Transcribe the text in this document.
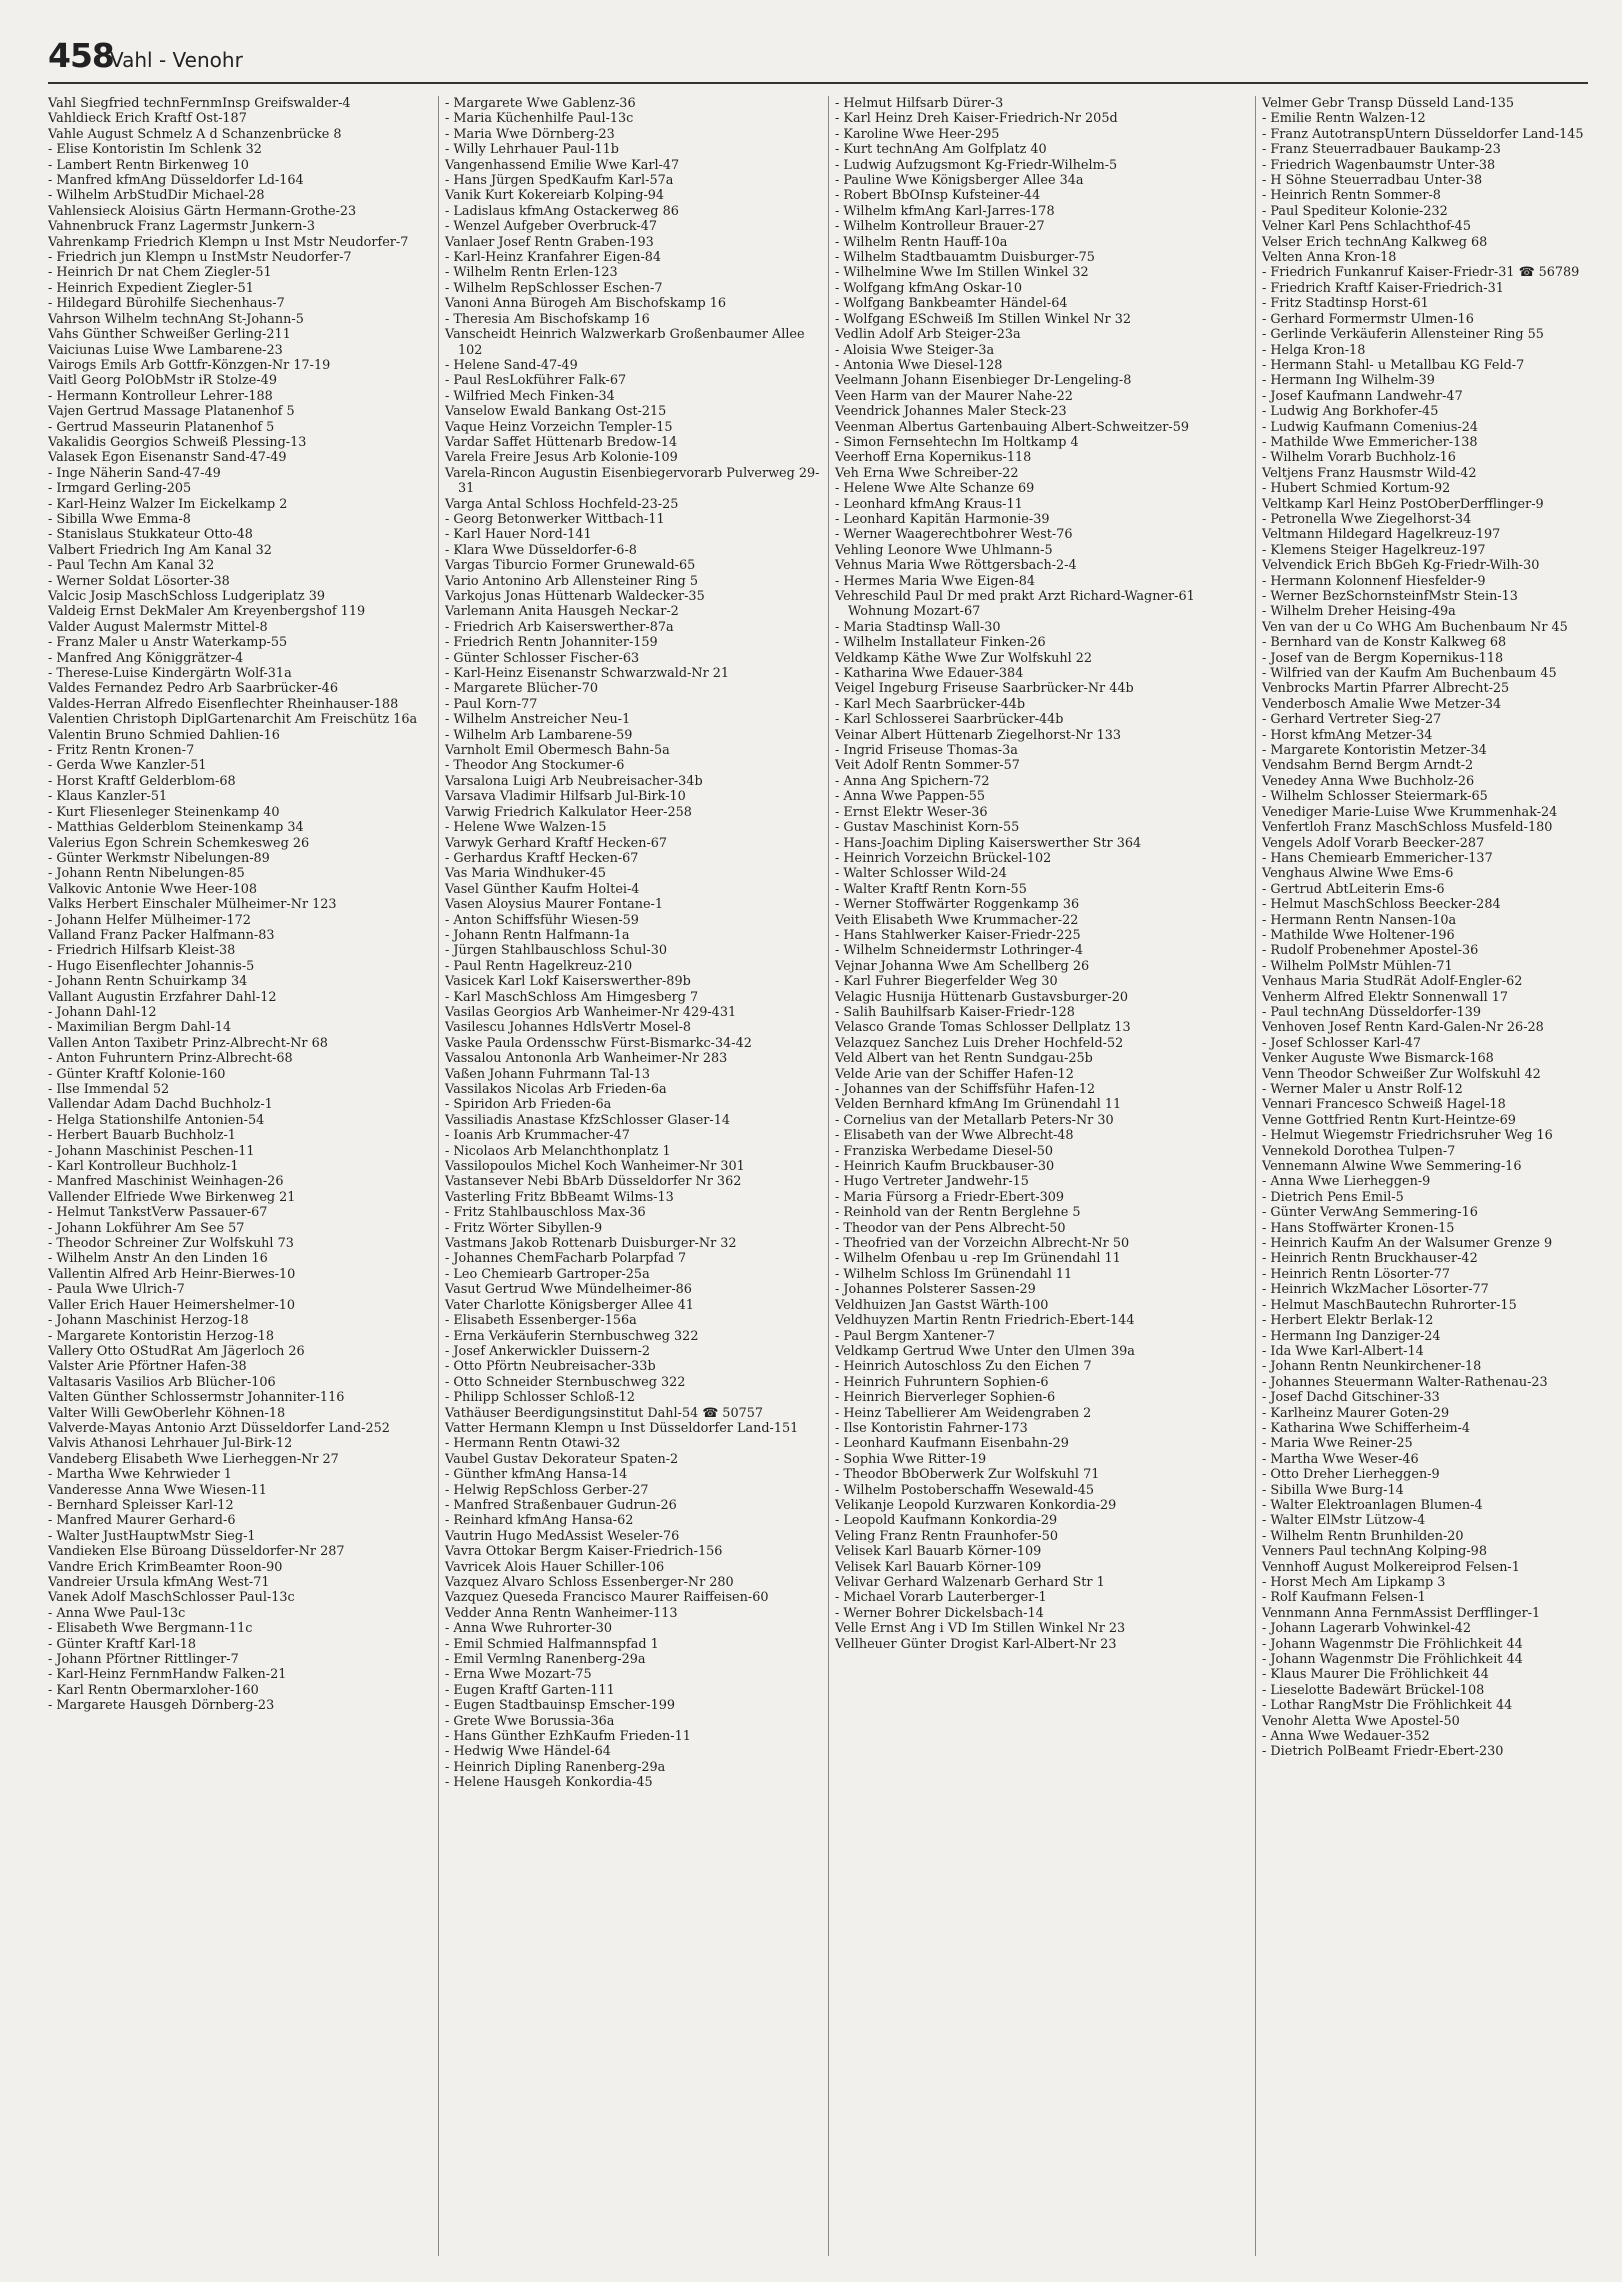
458
Vahl - Venohr

Vahl Siegfried technFernmInsp Greifswalder-4

Vahldieck Erich Kraftf Ost-187

Vahle August Schmelz A d Schanzenbrücke 8

- Elise Kontoristin Im Schlenk 32

- Lambert Rentn Birkenweg 10

- Manfred kfmAng Düsseldorfer Ld-164

- Wilhelm ArbStudDir Michael-28

Vahlensieck Aloisius Gärtn Hermann-Grothe-23

Vahnenbruck Franz Lagermstr Junkern-3

Vahrenkamp Friedrich Klempn u Inst Mstr Neudorfer-7

- Friedrich jun Klempn u InstMstr Neudorfer-7

- Heinrich Dr nat Chem Ziegler-51

- Heinrich Expedient Ziegler-51

- Hildegard Bürohilfe Siechenhaus-7

Vahrson Wilhelm technAng St-Johann-5

Vahs Günther Schweißer Gerling-211

Vaiciunas Luise Wwe Lambarene-23

Vairogs Emils Arb Gottfr-Könzgen-Nr 17-19

Vaitl Georg PolObMstr iR Stolze-49

- Hermann Kontrolleur Lehrer-188

Vajen Gertrud Massage Platanenhof 5

- Gertrud Masseurin Platanenhof 5

Vakalidis Georgios Schweiß Plessing-13

Valasek Egon Eisenanstr Sand-47-49

- Inge Näherin Sand-47-49

- Irmgard Gerling-205

- Karl-Heinz Walzer Im Eickelkamp 2

- Sibilla Wwe Emma-8

- Stanislaus Stukkateur Otto-48

Valbert Friedrich Ing Am Kanal 32

- Paul Techn Am Kanal 32

- Werner Soldat Lösorter-38

Valcic Josip MaschSchloss Ludgeriplatz 39

Valdeig Ernst DekMaler Am Kreyenbergshof 119

Valder August Malermstr Mittel-8

- Franz Maler u Anstr Waterkamp-55

- Manfred Ang Königgrätzer-4

- Therese-Luise Kindergärtn Wolf-31a

Valdes Fernandez Pedro Arb Saarbrücker-46

Valdes-Herran Alfredo Eisenflechter Rheinhauser-188

Valentien Christoph DiplGartenarchit Am Freischütz 16a

Valentin Bruno Schmied Dahlien-16

- Fritz Rentn Kronen-7

- Gerda Wwe Kanzler-51

- Horst Kraftf Gelderblom-68

- Klaus Kanzler-51

- Kurt Fliesenleger Steinenkamp 40

- Matthias Gelderblom Steinenkamp 34

Valerius Egon Schrein Schemkesweg 26

- Günter Werkmstr Nibelungen-89

- Johann Rentn Nibelungen-85

Valkovic Antonie Wwe Heer-108

Valks Herbert Einschaler Mülheimer-Nr 123

- Johann Helfer Mülheimer-172

Valland Franz Packer Halfmann-83

- Friedrich Hilfsarb Kleist-38

- Hugo Eisenflechter Johannis-5

- Johann Rentn Schuirkamp 34

Vallant Augustin Erzfahrer Dahl-12

- Johann Dahl-12

- Maximilian Bergm Dahl-14

Vallen Anton Taxibetr Prinz-Albrecht-Nr 68

- Anton Fuhruntern Prinz-Albrecht-68

- Günter Kraftf Kolonie-160

- Ilse Immendal 52

Vallendar Adam Dachd Buchholz-1

- Helga Stationshilfe Antonien-54

- Herbert Bauarb Buchholz-1

- Johann Maschinist Peschen-11

- Karl Kontrolleur Buchholz-1

- Manfred Maschinist Weinhagen-26

Vallender Elfriede Wwe Birkenweg 21

- Helmut TankstVerw Passauer-67

- Johann Lokführer Am See 57

- Theodor Schreiner Zur Wolfskuhl 73

- Wilhelm Anstr An den Linden 16

Vallentin Alfred Arb Heinr-Bierwes-10

- Paula Wwe Ulrich-7

Valler Erich Hauer Heimershelmer-10

- Johann Maschinist Herzog-18

- Margarete Kontoristin Herzog-18

Vallery Otto OStudRat Am Jägerloch 26

Valster Arie Pförtner Hafen-38

Valtasaris Vasilios Arb Blücher-106

Valten Günther Schlossermstr Johanniter-116

Valter Willi GewOberlehr Köhnen-18

Valverde-Mayas Antonio Arzt Düsseldorfer Land-252

Valvis Athanosi Lehrhauer Jul-Birk-12

Vandeberg Elisabeth Wwe Lierheggen-Nr 27

- Martha Wwe Kehrwieder 1

Vanderesse Anna Wwe Wiesen-11

- Bernhard Spleisser Karl-12

- Manfred Maurer Gerhard-6

- Walter JustHauptwMstr Sieg-1

Vandieken Else Büroang Düsseldorfer-Nr 287

Vandre Erich KrimBeamter Roon-90

Vandreier Ursula kfmAng West-71

Vanek Adolf MaschSchlosser Paul-13c

- Anna Wwe Paul-13c

- Elisabeth Wwe Bergmann-11c

- Günter Kraftf Karl-18

- Johann Pförtner Rittlinger-7

- Karl-Heinz FernmHandw Falken-21

- Karl Rentn Obermarxloher-160

- Margarete Hausgeh Dörnberg-23

- Margarete Wwe Gablenz-36

- Maria Küchenhilfe Paul-13c

- Maria Wwe Dörnberg-23

- Willy Lehrhauer Paul-11b

Vangenhassend Emilie Wwe Karl-47

- Hans Jürgen SpedKaufm Karl-57a

Vanik Kurt Kokereiarb Kolping-94

- Ladislaus kfmAng Ostackerweg 86

- Wenzel Aufgeber Overbruck-47

Vanlaer Josef Rentn Graben-193

- Karl-Heinz Kranfahrer Eigen-84

- Wilhelm Rentn Erlen-123

- Wilhelm RepSchlosser Eschen-7

Vanoni Anna Bürogeh Am Bischofskamp 16

- Theresia Am Bischofskamp 16

Vanscheidt Heinrich Walzwerkarb Großenbaumer Allee 102

- Helene Sand-47-49

- Paul ResLokführer Falk-67

- Wilfried Mech Finken-34

Vanselow Ewald Bankang Ost-215

Vaque Heinz Vorzeichn Templer-15

Vardar Saffet Hüttenarb Bredow-14

Varela Freire Jesus Arb Kolonie-109

Varela-Rincon Augustin Eisenbiegervorarb Pulverweg 29-31

Varga Antal Schloss Hochfeld-23-25

- Georg Betonwerker Wittbach-11

- Karl Hauer Nord-141

- Klara Wwe Düsseldorfer-6-8

Vargas Tiburcio Former Grunewald-65

Vario Antonino Arb Allensteiner Ring 5

Varkojus Jonas Hüttenarb Waldecker-35

Varlemann Anita Hausgeh Neckar-2

- Friedrich Arb Kaiserswerther-87a

- Friedrich Rentn Johanniter-159

- Günter Schlosser Fischer-63

- Karl-Heinz Eisenanstr Schwarzwald-Nr 21

- Margarete Blücher-70

- Paul Korn-77

- Wilhelm Anstreicher Neu-1

- Wilhelm Arb Lambarene-59

Varnholt Emil Obermesch Bahn-5a

- Theodor Ang Stockumer-6

Varsalona Luigi Arb Neubreisacher-34b

Varsava Vladimir Hilfsarb Jul-Birk-10

Varwig Friedrich Kalkulator Heer-258

- Helene Wwe Walzen-15

Varwyk Gerhard Kraftf Hecken-67

- Gerhardus Kraftf Hecken-67

Vas Maria Windhuker-45

Vasel Günther Kaufm Holtei-4

Vasen Aloysius Maurer Fontane-1

- Anton Schiffsführ Wiesen-59

- Johann Rentn Halfmann-1a

- Jürgen Stahlbauschloss Schul-30

- Paul Rentn Hagelkreuz-210

Vasicek Karl Lokf Kaiserswerther-89b

- Karl MaschSchloss Am Himgesberg 7

Vasilas Georgios Arb Wanheimer-Nr 429-431

Vasilescu Johannes HdlsVertr Mosel-8

Vaske Paula Ordensschw Fürst-Bismarkc-34-42

Vassalou Antononla Arb Wanheimer-Nr 283

Vaßen Johann Fuhrmann Tal-13

Vassilakos Nicolas Arb Frieden-6a

- Spiridon Arb Frieden-6a

Vassiliadis Anastase KfzSchlosser Glaser-14

- Ioanis Arb Krummacher-47

- Nicolaos Arb Melanchthonplatz 1

Vassilopoulos Michel Koch Wanheimer-Nr 301

Vastansever Nebi BbArb Düsseldorfer Nr 362

Vasterling Fritz BbBeamt Wilms-13

- Fritz Stahlbauschloss Max-36

- Fritz Wörter Sibyllen-9

Vastmans Jakob Rottenarb Duisburger-Nr 32

- Johannes ChemFacharb Polarpfad 7

- Leo Chemiearb Gartroper-25a

Vasut Gertrud Wwe Mündelheimer-86

Vater Charlotte Königsberger Allee 41

- Elisabeth Essenberger-156a

- Erna Verkäuferin Sternbuschweg 322

- Josef Ankerwickler Duissern-2

- Otto Pförtn Neubreisacher-33b

- Otto Schneider Sternbuschweg 322

- Philipp Schlosser Schloß-12

Vathäuser Beerdigungsinstitut Dahl-54 ☎ 50757

Vatter Hermann Klempn u Inst Düsseldorfer Land-151

- Hermann Rentn Otawi-32

Vaubel Gustav Dekorateur Spaten-2

- Günther kfmAng Hansa-14

- Helwig RepSchloss Gerber-27

- Manfred Straßenbauer Gudrun-26

- Reinhard kfmAng Hansa-62

Vautrin Hugo MedAssist Weseler-76

Vavra Ottokar Bergm Kaiser-Friedrich-156

Vavricek Alois Hauer Schiller-106

Vazquez Alvaro Schloss Essenberger-Nr 280

Vazquez Queseda Francisco Maurer Raiffeisen-60

Vedder Anna Rentn Wanheimer-113

- Anna Wwe Ruhrorter-30

- Emil Schmied Halfmannspfad 1

- Emil Vermlng Ranenberg-29a

- Erna Wwe Mozart-75

- Eugen Kraftf Garten-111

- Eugen Stadtbauinsp Emscher-199

- Grete Wwe Borussia-36a

- Hans Günther EzhKaufm Frieden-11

- Hedwig Wwe Händel-64

- Heinrich Dipling Ranenberg-29a

- Helene Hausgeh Konkordia-45

- Helmut Hilfsarb Dürer-3

- Karl Heinz Dreh Kaiser-Friedrich-Nr 205d

- Karoline Wwe Heer-295

- Kurt technAng Am Golfplatz 40

- Ludwig Aufzugsmont Kg-Friedr-Wilhelm-5

- Pauline Wwe Königsberger Allee 34a

- Robert BbOInsp Kufsteiner-44

- Wilhelm kfmAng Karl-Jarres-178

- Wilhelm Kontrolleur Brauer-27

- Wilhelm Rentn Hauff-10a

- Wilhelm Stadtbauamtm Duisburger-75

- Wilhelmine Wwe Im Stillen Winkel 32

- Wolfgang kfmAng Oskar-10

- Wolfgang Bankbeamter Händel-64

- Wolfgang ESchweiß Im Stillen Winkel Nr 32

Vedlin Adolf Arb Steiger-23a

- Aloisia Wwe Steiger-3a

- Antonia Wwe Diesel-128

Veelmann Johann Eisenbieger Dr-Lengeling-8

Veen Harm van der Maurer Nahe-22

Veendrick Johannes Maler Steck-23

Veenman Albertus Gartenbauing Albert-Schweitzer-59

- Simon Fernsehtechn Im Holtkamp 4

Veerhoff Erna Kopernikus-118

Veh Erna Wwe Schreiber-22

- Helene Wwe Alte Schanze 69

- Leonhard kfmAng Kraus-11

- Leonhard Kapitän Harmonie-39

- Werner Waagerechtbohrer West-76

Vehling Leonore Wwe Uhlmann-5

Vehnus Maria Wwe Röttgersbach-2-4

- Hermes Maria Wwe Eigen-84

Vehreschild Paul Dr med prakt Arzt Richard-Wagner-61 Wohnung Mozart-67

- Maria Stadtinsp Wall-30

- Wilhelm Installateur Finken-26

Veldkamp Käthe Wwe Zur Wolfskuhl 22

- Katharina Wwe Edauer-384

Veigel Ingeburg Friseuse Saarbrücker-Nr 44b

- Karl Mech Saarbrücker-44b

- Karl Schlosserei Saarbrücker-44b

Veinar Albert Hüttenarb Ziegelhorst-Nr 133

- Ingrid Friseuse Thomas-3a

Veit Adolf Rentn Sommer-57

- Anna Ang Spichern-72

- Anna Wwe Pappen-55

- Ernst Elektr Weser-36

- Gustav Maschinist Korn-55

- Hans-Joachim Dipling Kaiserswerther Str 364

- Heinrich Vorzeichn Brückel-102

- Walter Schlosser Wild-24

- Walter Kraftf Rentn Korn-55

- Werner Stoffwärter Roggenkamp 36

Veith Elisabeth Wwe Krummacher-22

- Hans Stahlwerker Kaiser-Friedr-225

- Wilhelm Schneidermstr Lothringer-4

Vejnar Johanna Wwe Am Schellberg 26

- Karl Fuhrer Biegerfelder Weg 30

Velagic Husnija Hüttenarb Gustavsburger-20

- Salih Bauhilfsarb Kaiser-Friedr-128

Velasco Grande Tomas Schlosser Dellplatz 13

Velazquez Sanchez Luis Dreher Hochfeld-52

Veld Albert van het Rentn Sundgau-25b

Velde Arie van der Schiffer Hafen-12

- Johannes van der Schiffsführ Hafen-12

Velden Bernhard kfmAng Im Grünendahl 11

- Cornelius van der Metallarb Peters-Nr 30

- Elisabeth van der Wwe Albrecht-48

- Franziska Werbedame Diesel-50

- Heinrich Kaufm Bruckbauser-30

- Hugo Vertreter Jandwehr-15

- Maria Fürsorg a Friedr-Ebert-309

- Reinhold van der Rentn Berglehne 5

- Theodor van der Pens Albrecht-50

- Theofried van der Vorzeichn Albrecht-Nr 50

- Wilhelm Ofenbau u -rep Im Grünendahl 11

- Wilhelm Schloss Im Grünendahl 11

- Johannes Polsterer Sassen-29

Veldhuizen Jan Gastst Wärth-100

Veldhuyzen Martin Rentn Friedrich-Ebert-144

- Paul Bergm Xantener-7

Veldkamp Gertrud Wwe Unter den Ulmen 39a

- Heinrich Autoschloss Zu den Eichen 7

- Heinrich Fuhruntern Sophien-6

- Heinrich Bierverleger Sophien-6

- Heinz Tabellierer Am Weidengraben 2

- Ilse Kontoristin Fahrner-173

- Leonhard Kaufmann Eisenbahn-29

- Sophia Wwe Ritter-19

- Theodor BbOberwerk Zur Wolfskuhl 71

- Wilhelm Postoberschaffn Wesewald-45

Velikanje Leopold Kurzwaren Konkordia-29

- Leopold Kaufmann Konkordia-29

Veling Franz Rentn Fraunhofer-50

Velisek Karl Bauarb Körner-109

Velisek Karl Bauarb Körner-109

Velivar Gerhard Walzenarb Gerhard Str 1

- Michael Vorarb Lauterberger-1

- Werner Bohrer Dickelsbach-14

Velle Ernst Ang i VD Im Stillen Winkel Nr 23

Vellheuer Günter Drogist Karl-Albert-Nr 23

Velmer Gebr Transp Düsseld Land-135

- Emilie Rentn Walzen-12

- Franz AutotranspUntern Düsseldorfer Land-145

- Franz Steuerradbauer Baukamp-23

- Friedrich Wagenbaumstr Unter-38

- H Söhne Steuerradbau Unter-38

- Heinrich Rentn Sommer-8

- Paul Spediteur Kolonie-232

Velner Karl Pens Schlachthof-45

Velser Erich technAng Kalkweg 68

Velten Anna Kron-18

- Friedrich Funkanruf Kaiser-Friedr-31 ☎ 56789

- Friedrich Kraftf Kaiser-Friedrich-31

- Fritz Stadtinsp Horst-61

- Gerhard Formermstr Ulmen-16

- Gerlinde Verkäuferin Allensteiner Ring 55

- Helga Kron-18

- Hermann Stahl- u Metallbau KG Feld-7

- Hermann Ing Wilhelm-39

- Josef Kaufmann Landwehr-47

- Ludwig Ang Borkhofer-45

- Ludwig Kaufmann Comenius-24

- Mathilde Wwe Emmericher-138

- Wilhelm Vorarb Buchholz-16

Veltjens Franz Hausmstr Wild-42

- Hubert Schmied Kortum-92

Veltkamp Karl Heinz PostOberDerfflinger-9

- Petronella Wwe Ziegelhorst-34

Veltmann Hildegard Hagelkreuz-197

- Klemens Steiger Hagelkreuz-197

Velvendick Erich BbGeh Kg-Friedr-Wilh-30

- Hermann Kolonnenf Hiesfelder-9

- Werner BezSchornsteinfMstr Stein-13

- Wilhelm Dreher Heising-49a

Ven van der u Co WHG Am Buchenbaum Nr 45

- Bernhard van de Konstr Kalkweg 68

- Josef van de Bergm Kopernikus-118

- Wilfried van der Kaufm Am Buchenbaum 45

Venbrocks Martin Pfarrer Albrecht-25

Venderbosch Amalie Wwe Metzer-34

- Gerhard Vertreter Sieg-27

- Horst kfmAng Metzer-34

- Margarete Kontoristin Metzer-34

Vendsahm Bernd Bergm Arndt-2

Venedey Anna Wwe Buchholz-26

- Wilhelm Schlosser Steiermark-65

Venediger Marie-Luise Wwe Krummenhak-24

Venfertloh Franz MaschSchloss Musfeld-180

Vengels Adolf Vorarb Beecker-287

- Hans Chemiearb Emmericher-137

Venghaus Alwine Wwe Ems-6

- Gertrud AbtLeiterin Ems-6

- Helmut MaschSchloss Beecker-284

- Hermann Rentn Nansen-10a

- Mathilde Wwe Holtener-196

- Rudolf Probenehmer Apostel-36

- Wilhelm PolMstr Mühlen-71

Venhaus Maria StudRät Adolf-Engler-62

Venherm Alfred Elektr Sonnenwall 17

- Paul technAng Düsseldorfer-139

Venhoven Josef Rentn Kard-Galen-Nr 26-28

- Josef Schlosser Karl-47

Venker Auguste Wwe Bismarck-168

Venn Theodor Schweißer Zur Wolfskuhl 42

- Werner Maler u Anstr Rolf-12

Vennari Francesco Schweiß Hagel-18

Venne Gottfried Rentn Kurt-Heintze-69

- Helmut Wiegemstr Friedrichsruher Weg 16

Vennekold Dorothea Tulpen-7

Vennemann Alwine Wwe Semmering-16

- Anna Wwe Lierheggen-9

- Dietrich Pens Emil-5

- Günter VerwAng Semmering-16

- Hans Stoffwärter Kronen-15

- Heinrich Kaufm An der Walsumer Grenze 9

- Heinrich Rentn Bruckhauser-42

- Heinrich Rentn Lösorter-77

- Heinrich WkzMacher Lösorter-77

- Helmut MaschBautechn Ruhrorter-15

- Herbert Elektr Berlak-12

- Hermann Ing Danziger-24

- Ida Wwe Karl-Albert-14

- Johann Rentn Neunkirchener-18

- Johannes Steuermann Walter-Rathenau-23

- Josef Dachd Gitschiner-33

- Karlheinz Maurer Goten-29

- Katharina Wwe Schifferheim-4

- Maria Wwe Reiner-25

- Martha Wwe Weser-46

- Otto Dreher Lierheggen-9

- Sibilla Wwe Burg-14

- Walter Elektroanlagen Blumen-4

- Walter ElMstr Lützow-4

- Wilhelm Rentn Brunhilden-20

Venners Paul technAng Kolping-98

Vennhoff August Molkereiprod Felsen-1

- Horst Mech Am Lipkamp 3

- Rolf Kaufmann Felsen-1

Vennmann Anna FernmAssist Derfflinger-1

- Johann Lagerarb Vohwinkel-42

- Johann Wagenmstr Die Fröhlichkeit 44

- Johann Wagenmstr Die Fröhlichkeit 44

- Klaus Maurer Die Fröhlichkeit 44

- Lieselotte Badewärt Brückel-108

- Lothar RangMstr Die Fröhlichkeit 44

Venohr Aletta Wwe Apostel-50

- Anna Wwe Wedauer-352

- Dietrich PolBeamt Friedr-Ebert-230
